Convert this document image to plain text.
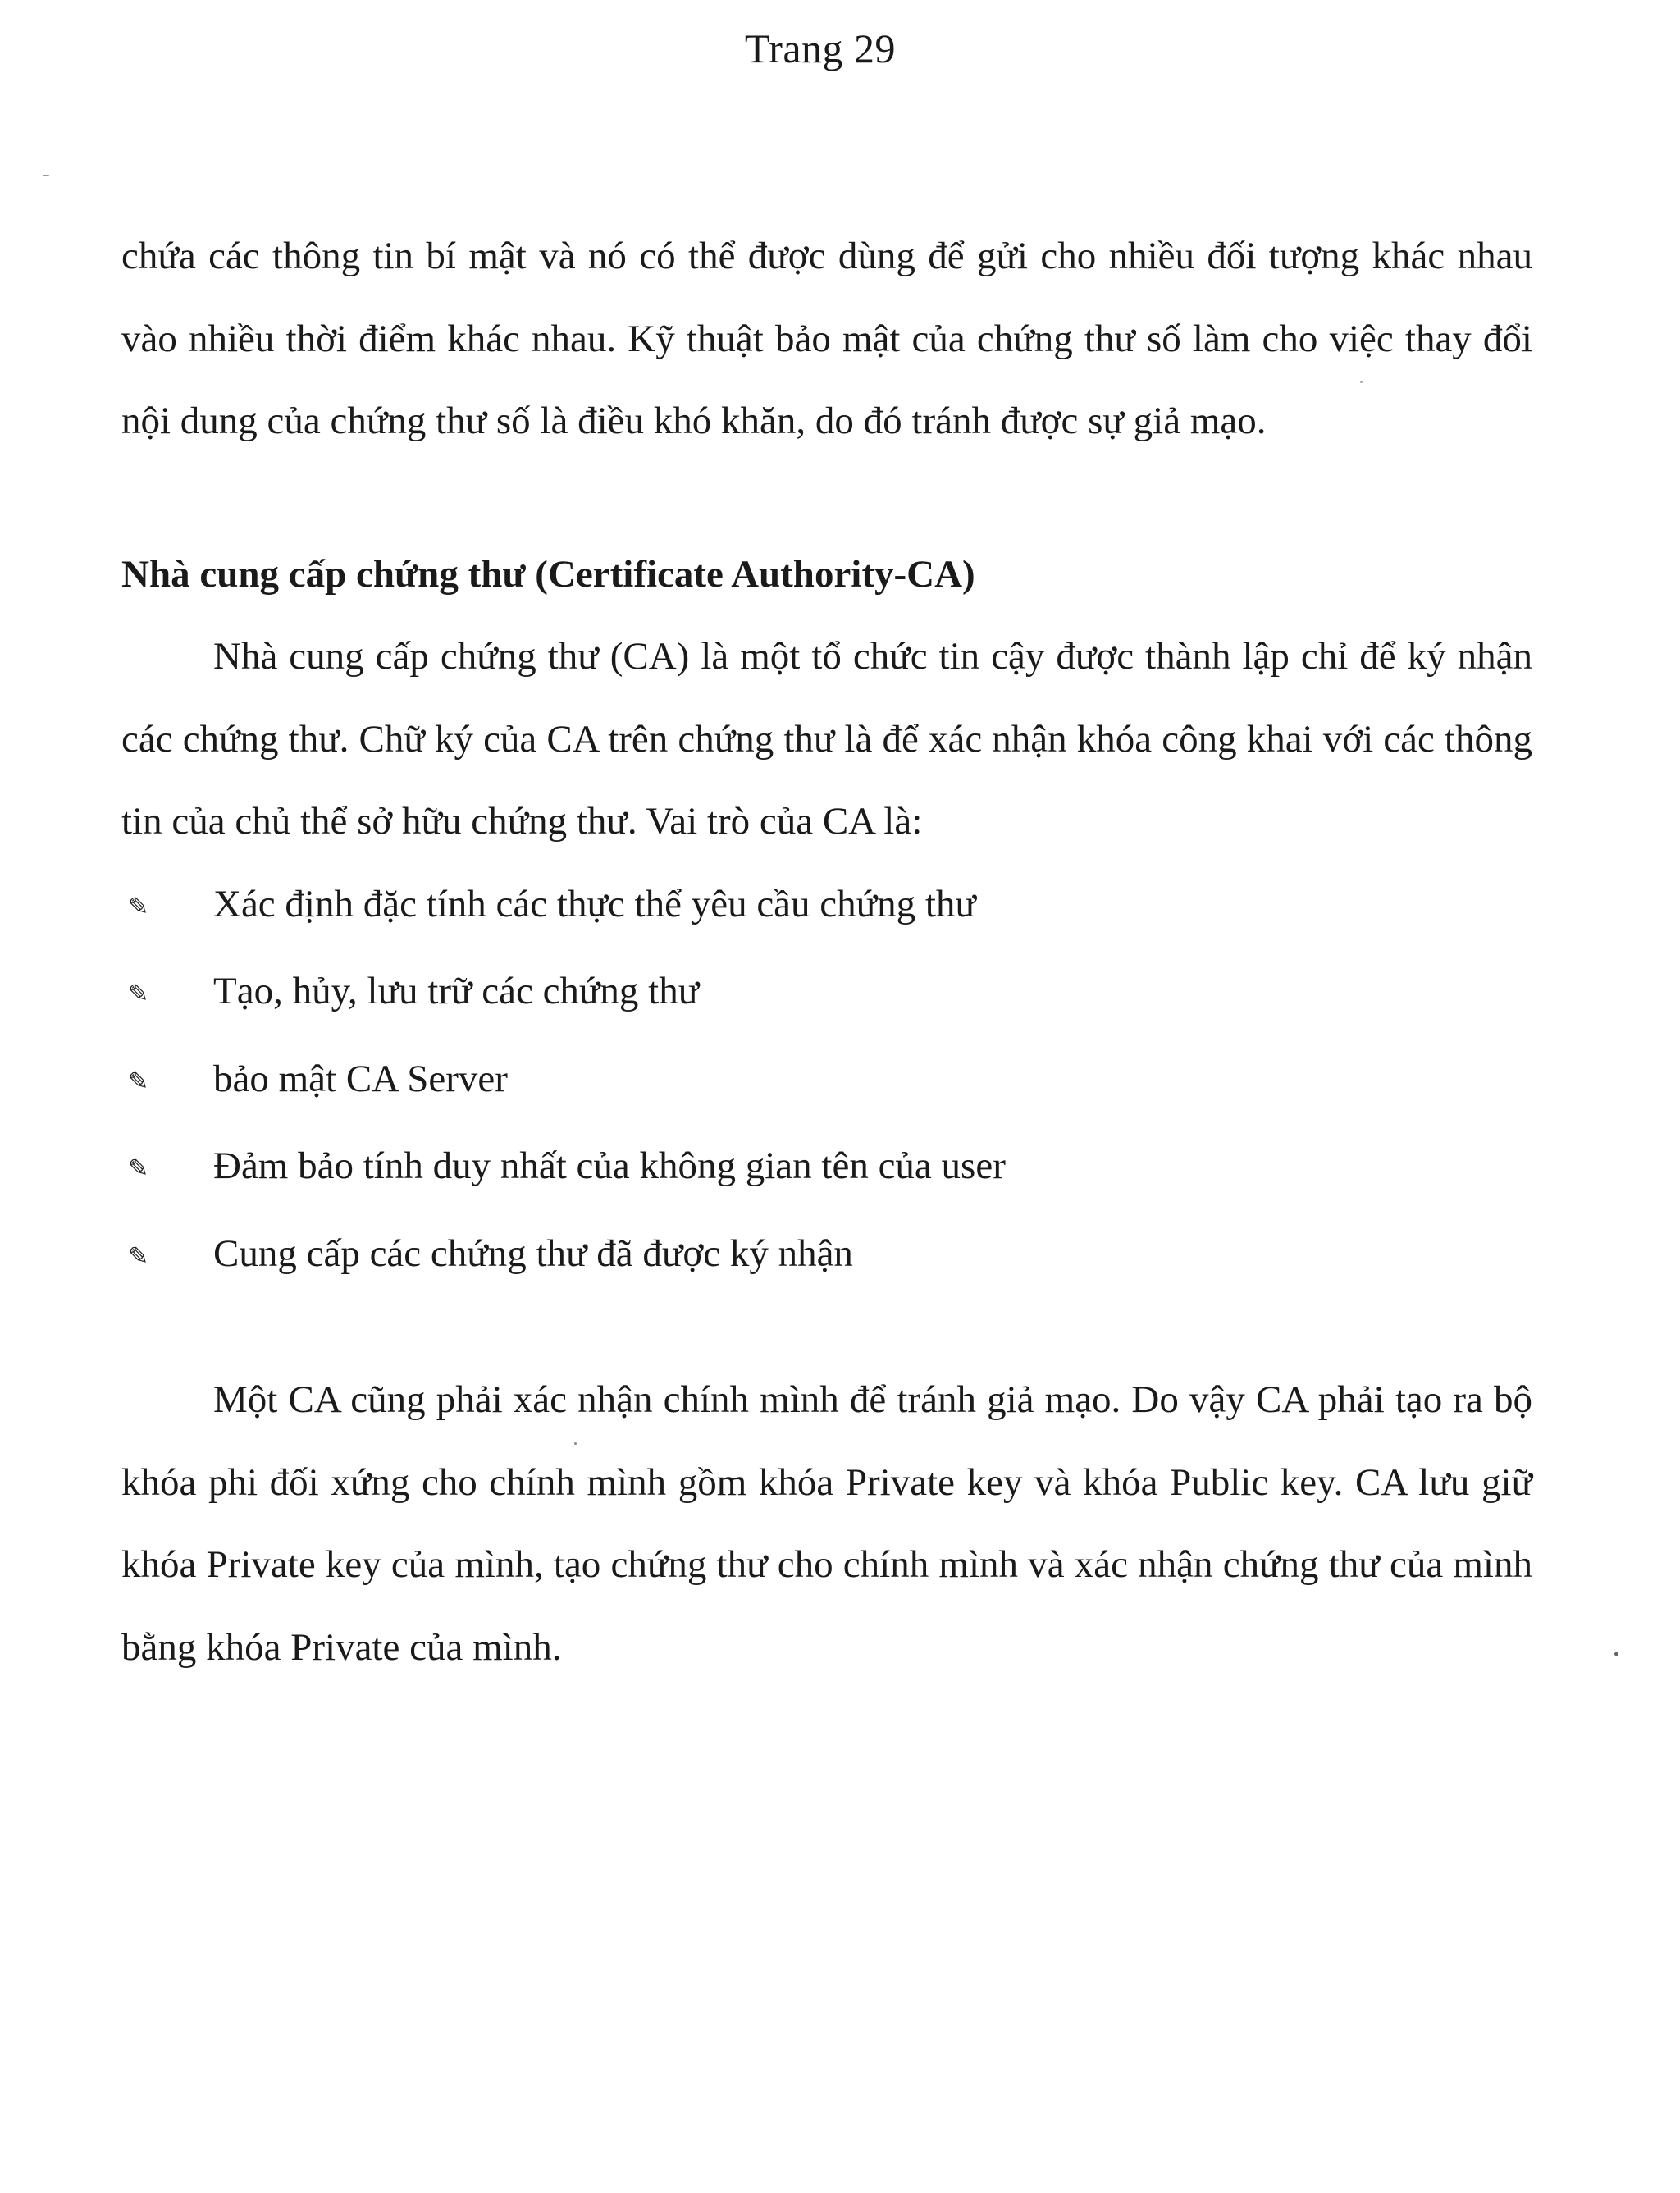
Trang 29

chứa các thông tin bí mật và nó có thể được dùng để gửi cho nhiều đối tượng khác nhau vào nhiều thời điểm khác nhau. Kỹ thuật bảo mật của chứng thư số làm cho việc thay đổi nội dung của chứng thư số là điều khó khăn, do đó tránh được sự giả mạo.

Nhà cung cấp chứng thư (Certificate Authority-CA)

Nhà cung cấp chứng thư (CA) là một tổ chức tin cậy được thành lập chỉ để ký nhận các chứng thư. Chữ ký của CA trên chứng thư là để xác nhận khóa công khai với các thông tin của chủ thể sở hữu chứng thư. Vai trò của CA là:

✎	Xác định đặc tính các thực thể yêu cầu chứng thư
✎	Tạo, hủy, lưu trữ các chứng thư
✎	bảo mật CA Server
✎	Đảm bảo tính duy nhất của không gian tên của user
✎	Cung cấp các chứng thư đã được ký nhận

Một CA cũng phải xác nhận chính mình để tránh giả mạo. Do vậy CA phải tạo ra bộ khóa phi đối xứng cho chính mình gồm khóa Private key và khóa Public key. CA lưu giữ khóa Private key của mình, tạo chứng thư cho chính mình và xác nhận chứng thư của mình bằng khóa Private của mình.
